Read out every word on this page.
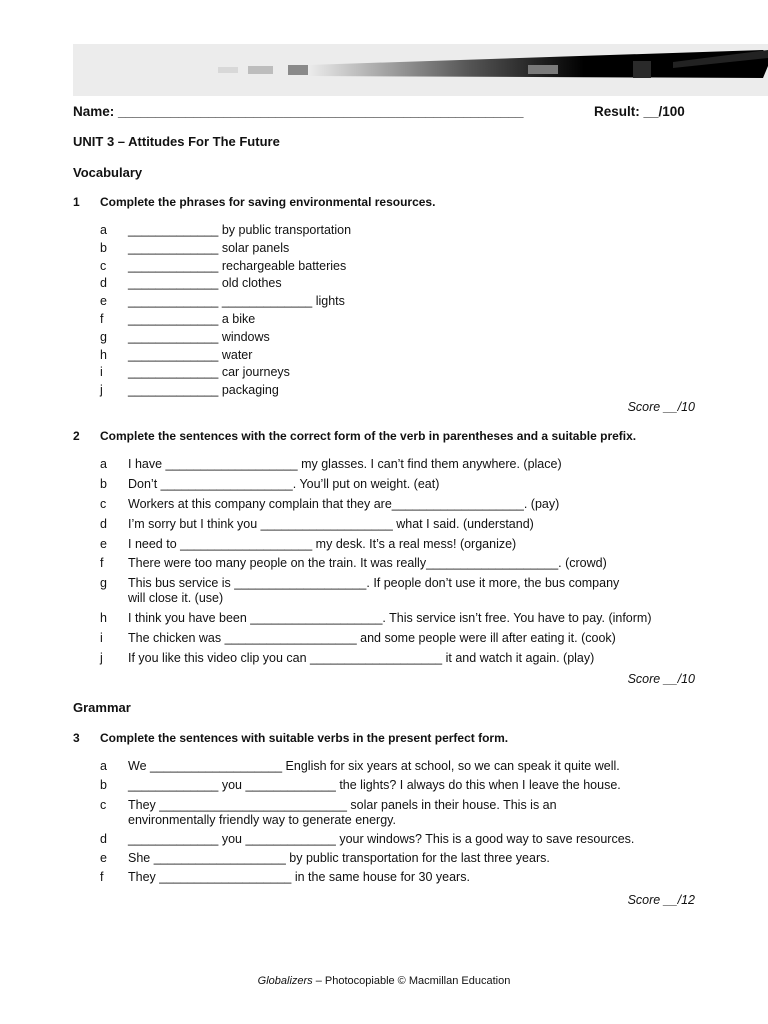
Name: ______________________________________________________	Result: __/100
UNIT 3 – Attitudes For The Future
Vocabulary
1 Complete the phrases for saving environmental resources.
a _____________ by public transportation
b _____________ solar panels
c _____________ rechargeable batteries
d _____________ old clothes
e _____________ _____________ lights
f _____________ a bike
g _____________ windows
h _____________ water
i _____________ car journeys
j _____________ packaging
Score __/10
2 Complete the sentences with the correct form of the verb in parentheses and a suitable prefix.
a I have ___________________ my glasses. I can’t find them anywhere. (place)
b Don’t ___________________. You’ll put on weight. (eat)
c Workers at this company complain that they are___________________. (pay)
d I’m sorry but I think you ___________________ what I said. (understand)
e I need to ___________________ my desk. It’s a real mess! (organize)
f There were too many people on the train. It was really___________________. (crowd)
g This bus service is ___________________. If people don’t use it more, the bus company will close it. (use)
h I think you have been ___________________. This service isn’t free. You have to pay. (inform)
i The chicken was ___________________ and some people were ill after eating it. (cook)
j If you like this video clip you can ___________________ it and watch it again. (play)
Score __/10
Grammar
3 Complete the sentences with suitable verbs in the present perfect form.
a We ___________________ English for six years at school, so we can speak it quite well.
b _____________ you _____________ the lights? I always do this when I leave the house.
c They ___________________________ solar panels in their house. This is an environmentally friendly way to generate energy.
d _____________ you _____________ your windows? This is a good way to save resources.
e She ___________________ by public transportation for the last three years.
f They ___________________ in the same house for 30 years.
Score __/12
Globalizers – Photocopiable © Macmillan Education
